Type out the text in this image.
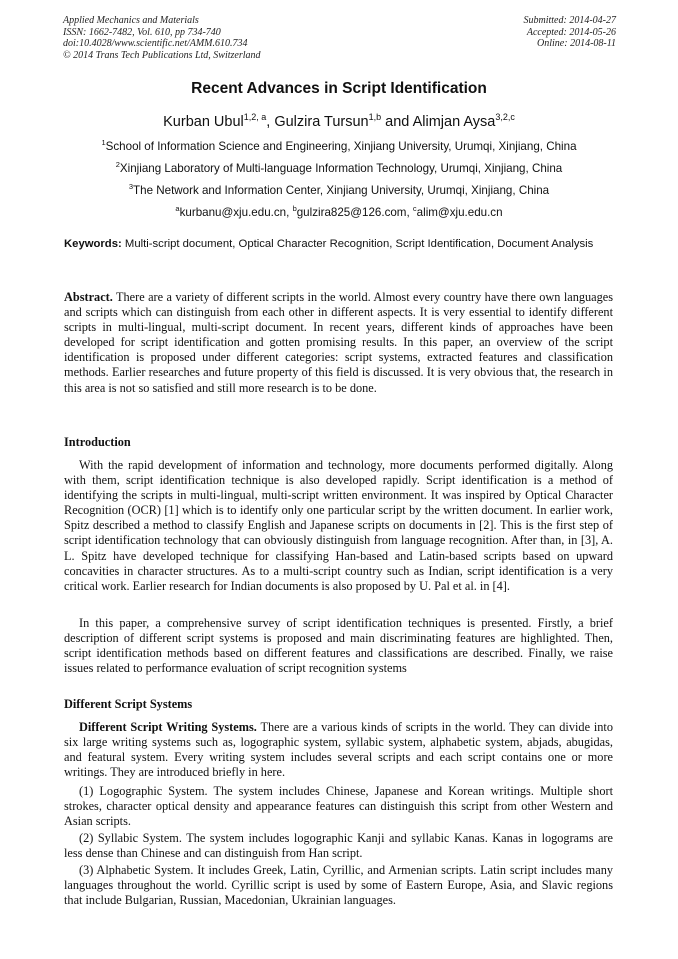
Applied Mechanics and Materials
ISSN: 1662-7482, Vol. 610, pp 734-740
doi:10.4028/www.scientific.net/AMM.610.734
© 2014 Trans Tech Publications Ltd, Switzerland
Submitted: 2014-04-27
Accepted: 2014-05-26
Online: 2014-08-11
Recent Advances in Script Identification
Kurban Ubul$^{1,2, a}$, Gulzira Tursun$^{1,b}$ and Alimjan Aysa$^{3,2,c}$
$^1$School of Information Science and Engineering, Xinjiang University, Urumqi, Xinjiang, China
$^2$Xinjiang Laboratory of Multi-language Information Technology, Urumqi, Xinjiang, China
$^3$The Network and Information Center, Xinjiang University, Urumqi, Xinjiang, China
$^a$kurbanu@xju.edu.cn, $^b$gulzira825@126.com, $^c$alim@xju.edu.cn
Keywords: Multi-script document, Optical Character Recognition, Script Identification, Document Analysis
Abstract. There are a variety of different scripts in the world. Almost every country have there own languages and scripts which can distinguish from each other in different aspects. It is very essential to identify different scripts in multi-lingual, multi-script document. In recent years, different kinds of approaches have been developed for script identification and gotten promising results. In this paper, an overview of the script identification is proposed under different categories: script systems, extracted features and classification methods. Earlier researches and future property of this field is discussed. It is very obvious that, the research in this area is not so satisfied and still more research is to be done.
Introduction
With the rapid development of information and technology, more documents performed digitally. Along with them, script identification technique is also developed rapidly. Script identification is a method of identifying the scripts in multi-lingual, multi-script written environment. It was inspired by Optical Character Recognition (OCR) [1] which is to identify only one particular script by the written document. In earlier work, Spitz described a method to classify English and Japanese scripts on documents in [2]. This is the first step of script identification technology that can obviously distinguish from language recognition. After than, in [3], A. L. Spitz have developed technique for classifying Han-based and Latin-based scripts based on upward concavities in character structures. As to a multi-script country such as Indian, script identification is a very critical work. Earlier research for Indian documents is also proposed by U. Pal et al. in [4].
In this paper, a comprehensive survey of script identification techniques is presented. Firstly, a brief description of different script systems is proposed and main discriminating features are highlighted. Then, script identification methods based on different features and classifications are described. Finally, we raise issues related to performance evaluation of script recognition systems
Different Script Systems
Different Script Writing Systems. There are a various kinds of scripts in the world. They can divide into six large writing systems such as, logographic system, syllabic system, alphabetic system, abjads, abugidas, and featural system. Every writing system includes several scripts and each script contains one or more writings. They are introduced briefly in here.
(1) Logographic System. The system includes Chinese, Japanese and Korean writings. Multiple short strokes, character optical density and appearance features can distinguish this script from other Western and Asian scripts.
(2) Syllabic System. The system includes logographic Kanji and syllabic Kanas. Kanas in logograms are less dense than Chinese and can distinguish from Han script.
(3) Alphabetic System. It includes Greek, Latin, Cyrillic, and Armenian scripts. Latin script includes many languages throughout the world. Cyrillic script is used by some of Eastern Europe, Asia, and Slavic regions that include Bulgarian, Russian, Macedonian, Ukrainian languages.
